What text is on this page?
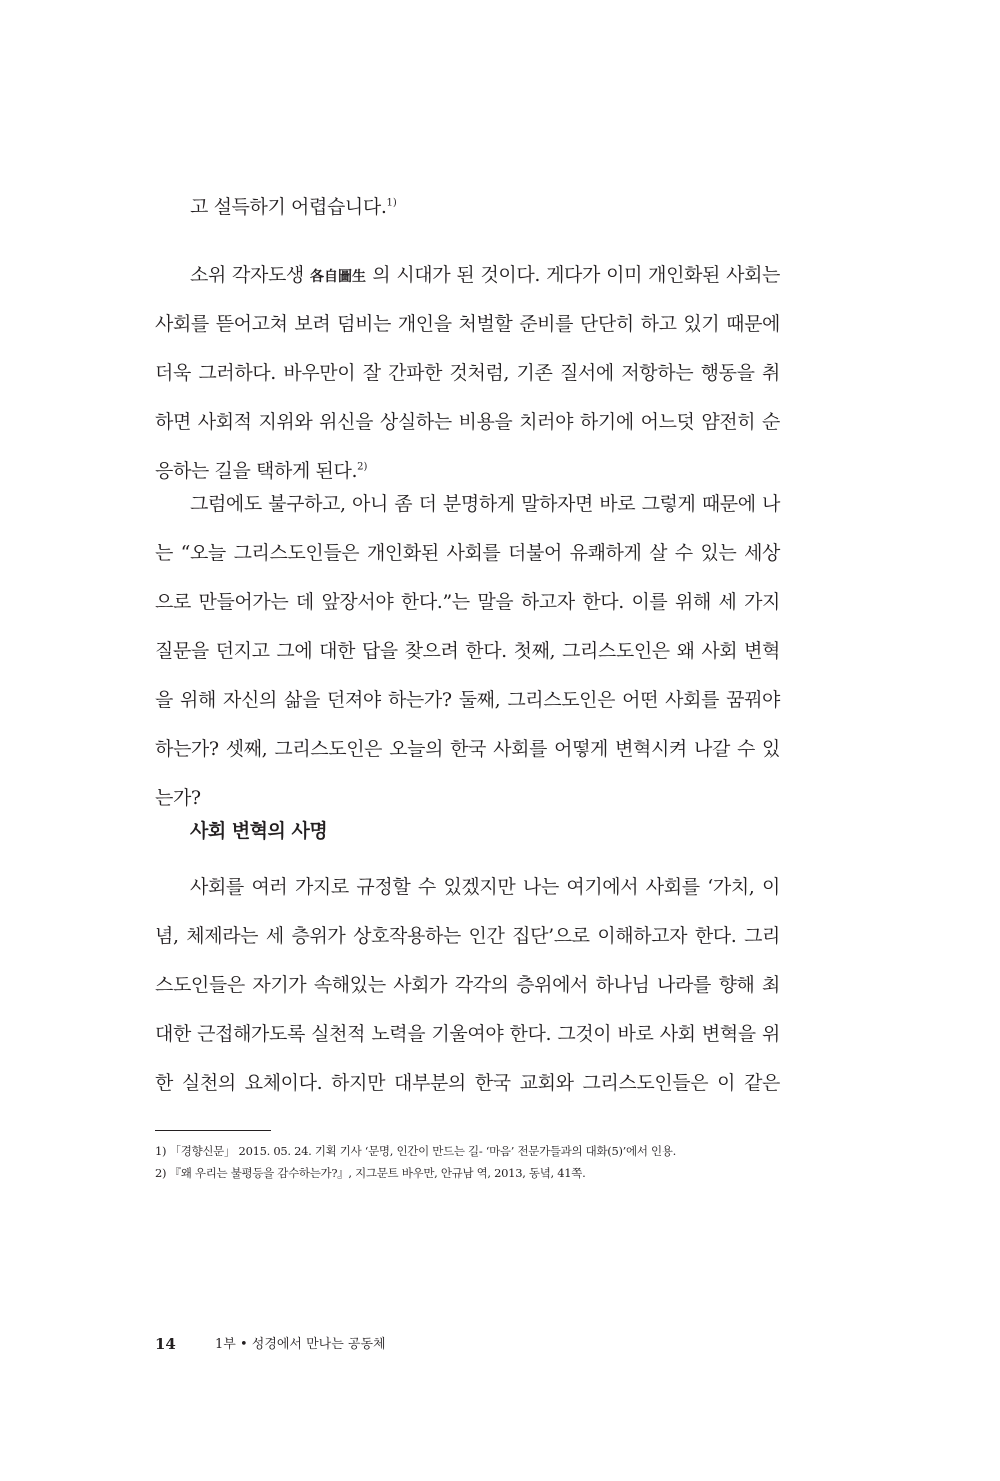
고 설득하기 어렵습니다.$^{1)}$
소위 각자도생 各自圖生 의 시대가 된 것이다. 게다가 이미 개인화된 사회는
사회를 뜯어고쳐 보려 덤비는 개인을 처벌할 준비를 단단히 하고 있기 때문에
더욱 그러하다. 바우만이 잘 간파한 것처럼, 기존 질서에 저항하는 행동을 취
하면 사회적 지위와 위신을 상실하는 비용을 치러야 하기에 어느덧 얌전히 순
응하는 길을 택하게 된다.$^{2)}$
그럼에도 불구하고, 아니 좀 더 분명하게 말하자면 바로 그렇게 때문에 나
는 “오늘 그리스도인들은 개인화된 사회를 더불어 유쾌하게 살 수 있는 세상
으로 만들어가는 데 앞장서야 한다.”는 말을 하고자 한다. 이를 위해 세 가지
질문을 던지고 그에 대한 답을 찾으려 한다. 첫째, 그리스도인은 왜 사회 변혁
을 위해 자신의 삶을 던져야 하는가? 둘째, 그리스도인은 어떤 사회를 꿈꿔야
하는가? 셋째, 그리스도인은 오늘의 한국 사회를 어떻게 변혁시켜 나갈 수 있
는가?
사회 변혁의 사명
사회를 여러 가지로 규정할 수 있겠지만 나는 여기에서 사회를 ‘가치, 이
념, 체제라는 세 층위가 상호작용하는 인간 집단’으로 이해하고자 한다. 그리
스도인들은 자기가 속해있는 사회가 각각의 층위에서 하나님 나라를 향해 최
대한 근접해가도록 실천적 노력을 기울여야 한다. 그것이 바로 사회 변혁을 위
한 실천의 요체이다. 하지만 대부분의 한국 교회와 그리스도인들은 이 같은
1) 「경향신문」 2015. 05. 24. 기획 기사 ‘문명, 인간이 만드는 길- ‘마음’ 전문가들과의 대화(5)’에서 인용.
2) 『왜 우리는 불평등을 감수하는가?』, 지그문트 바우만, 안규남 역, 2013, 동녘, 41쪽.
14	1부 • 성경에서 만나는 공동체
